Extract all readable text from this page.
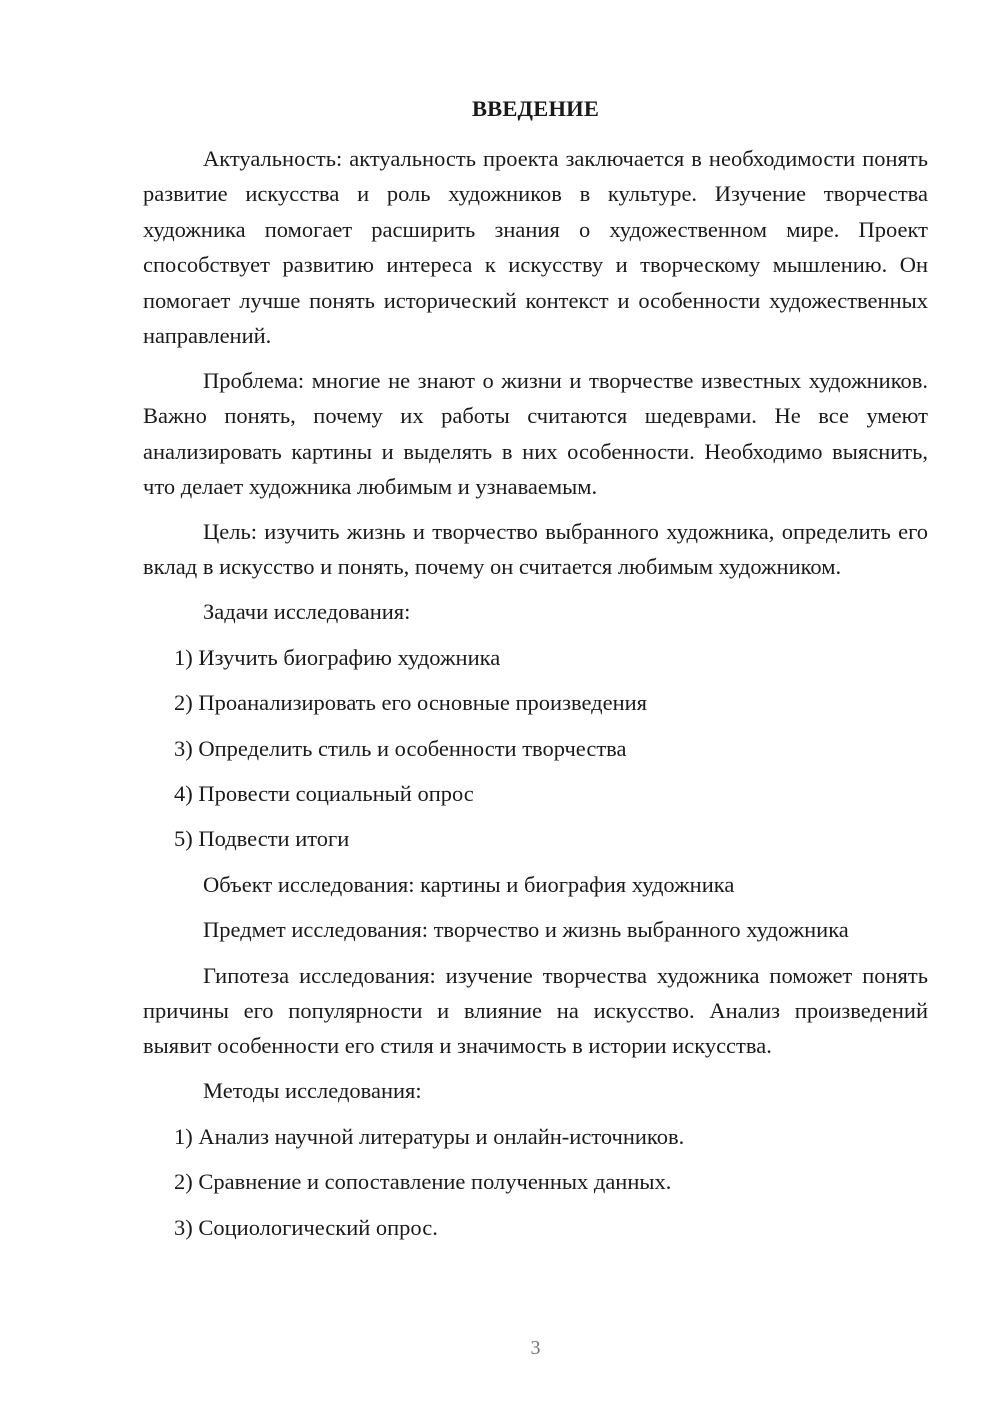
ВВЕДЕНИЕ

Актуальность: актуальность проекта заключается в необходимости понять развитие искусства и роль художников в культуре. Изучение творчества художника помогает расширить знания о художественном мире. Проект способствует развитию интереса к искусству и творческому мышлению. Он помогает лучше понять исторический контекст и особенности художественных направлений.

Проблема: многие не знают о жизни и творчестве известных художников. Важно понять, почему их работы считаются шедеврами. Не все умеют анализировать картины и выделять в них особенности. Необходимо выяснить, что делает художника любимым и узнаваемым.

Цель: изучить жизнь и творчество выбранного художника, определить его вклад в искусство и понять, почему он считается любимым художником.

Задачи исследования:
1) Изучить биографию художника
2) Проанализировать его основные произведения
3) Определить стиль и особенности творчества
4) Провести социальный опрос
5) Подвести итоги
Объект исследования: картины и биография художника
Предмет исследования: творчество и жизнь выбранного художника

Гипотеза исследования: изучение творчества художника поможет понять причины его популярности и влияние на искусство. Анализ произведений выявит особенности его стиля и значимость в истории искусства.

Методы исследования:
1) Анализ научной литературы и онлайн-источников.
2) Сравнение и сопоставление полученных данных.
3) Социологический опрос.
3
